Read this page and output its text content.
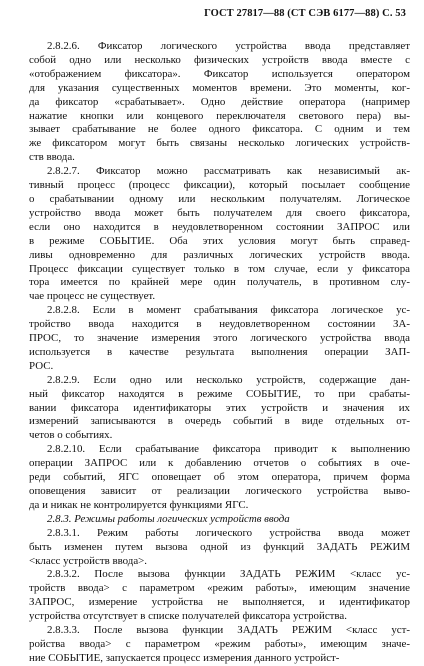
ГОСТ 27817—88 (СТ СЭВ 6177—88) С. 53
2.8.2.6. Фиксатор логического устройства ввода представляет
собой одно или несколько физических устройств ввода вместе с
«отображением фиксатора». Фиксатор используется оператором
для указания существенных моментов времени. Это моменты, ког-
да фиксатор «срабатывает». Одно действие оператора (например
нажатие кнопки или концевого переключателя светового пера) вы-
зывает срабатывание не более одного фиксатора. С одним и тем
же фиксатором могут быть связаны несколько логических устройств-
ств ввода.
2.8.2.7. Фиксатор можно рассматривать как независимый ак-
тивный процесс (процесс фиксации), который посылает сообщение
о срабатывании одному или нескольким получателям. Логическое
устройство ввода может быть получателем для своего фиксатора,
если оно находится в неудовлетворенном состоянии ЗАПРОС или
в режиме СОБЫТИЕ. Оба этих условия могут быть справед-
ливы одновременно для различных логических устройств ввода.
Процесс фиксации существует только в том случае, если у фиксатора
тора имеется по крайней мере один получатель, в противном слу-
чае процесс не существует.
2.8.2.8. Если в момент срабатывания фиксатора логическое ус-
тройство ввода находится в неудовлетворенном состоянии ЗА-
ПРОС, то значение измерения этого логического устройства ввода
используется в качестве результата выполнения операции ЗАП-
РОС.
2.8.2.9. Если одно или несколько устройств, содержащие дан-
ный фиксатор находятся в режиме СОБЫТИЕ, то при срабаты-
вании фиксатора идентификаторы этих устройств и значения их
измерений записываются в очередь событий в виде отдельных от-
четов о событиях.
2.8.2.10. Если срабатывание фиксатора приводит к выполнению
операции ЗАПРОС или к добавлению отчетов о событиях в оче-
реди событий, ЯГС оповещает об этом оператора, причем форма
оповещения зависит от реализации логического устройства выво-
да и никак не контролируется функциями ЯГС.
2.8.3. Режимы работы логических устройств ввода
2.8.3.1. Режим работы логического устройства ввода может
быть изменен путем вызова одной из функций ЗАДАТЬ РЕЖИМ
<класс устройств ввода>.
2.8.3.2. После вызова функции ЗАДАТЬ РЕЖИМ <класс ус-
тройств ввода> с параметром «режим работы», имеющим значение
ЗАПРОС, измерение устройства не выполняется, и идентификатор
устройства отсутствует в списке получателей фиксатора устройства.
2.8.3.3. После вызова функции ЗАДАТЬ РЕЖИМ <класс уст-
ройства ввода> с параметром «режим работы», имеющим значе-
ние СОБЫТИЕ, запускается процесс измерения данного устройст-
